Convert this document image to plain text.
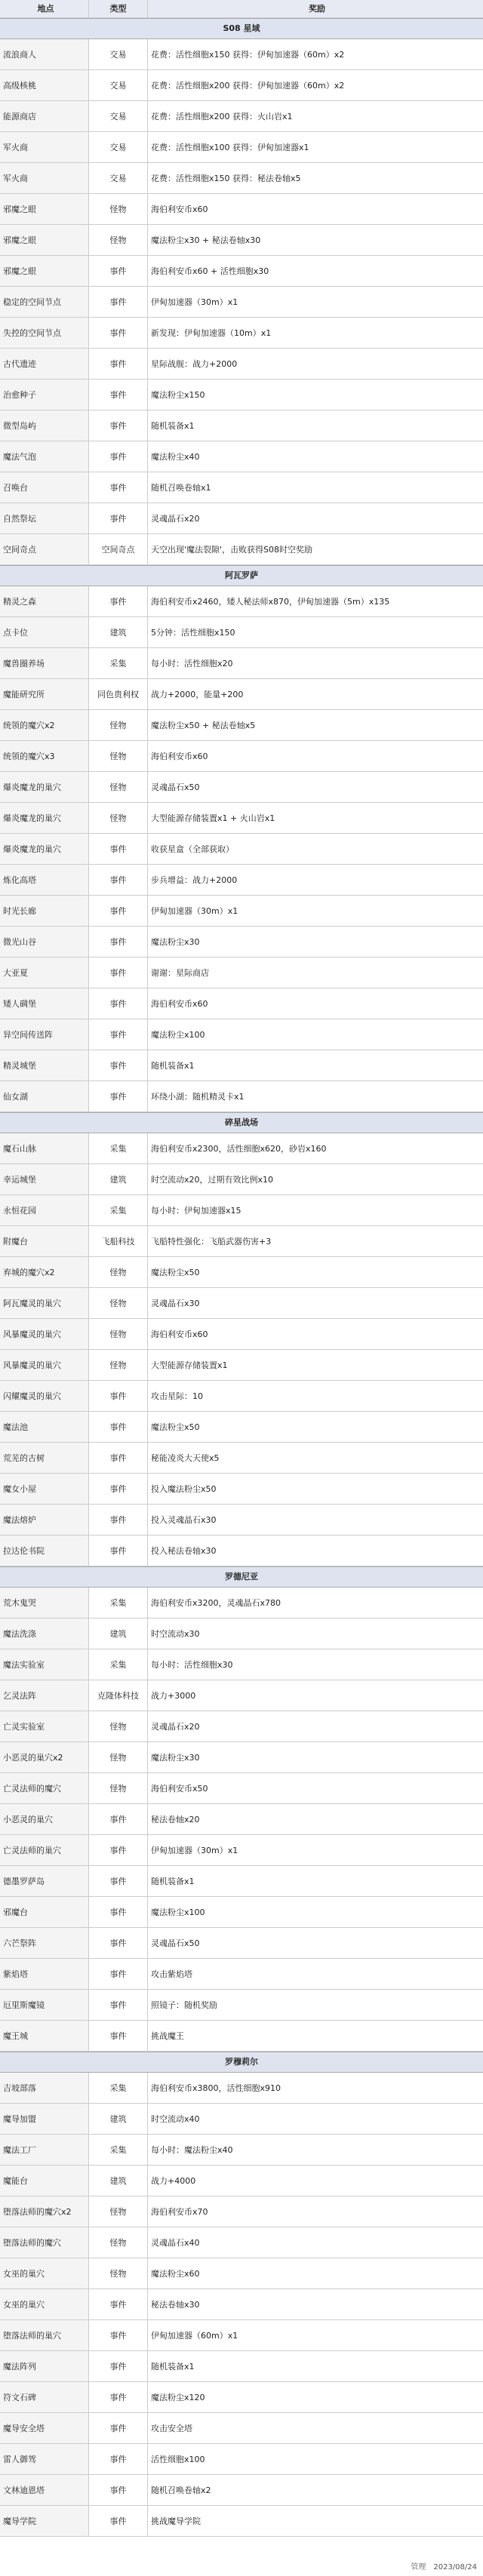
地点	类型	奖励
S08 星域
流浪商人	交易	花费：活性细胞x150 获得：伊甸加速器（60m）x2
高级核桃	交易	花费：活性细胞x200 获得：伊甸加速器（60m）x2
能源商店	交易	花费：活性细胞x200 获得：火山岩x1
军火商	交易	花费：活性细胞x100 获得：伊甸加速器x1
军火商	交易	花费：活性细胞x150 获得：秘法卷轴x5
邪魔之眼	怪物	海伯利安币x60
邪魔之眼	怪物	魔法粉尘x30 + 秘法卷轴x30
邪魔之眼	事件	海伯利安币x60 + 活性细胞x30
稳定的空间节点	事件	伊甸加速器（30m）x1
失控的空间节点	事件	新发现：伊甸加速器（10m）x1
古代遗迹	事件	星际战舰：战力+2000
治愈种子	事件	魔法粉尘x150
微型岛屿	事件	随机装备x1
魔法气泡	事件	魔法粉尘x40
召唤台	事件	随机召唤卷轴x1
自然祭坛	事件	灵魂晶石x20
空间奇点	空间奇点	天空出现'魔法裂隙'，击败获得S08时空奖励
阿瓦罗萨
精灵之森	事件	海伯利安币x2460，矮人秘法师x870，伊甸加速器（5m）x135
点卡位	建筑	5分钟：活性细胞x150
魔兽圈养场	采集	每小时：活性细胞x20
魔能研究所	同色贵利权	战力+2000，能量+200
统领的魔穴x2	怪物	魔法粉尘x50 + 秘法卷轴x5
统领的魔穴x3	怪物	海伯利安币x60
爆炎魔龙的巢穴	怪物	灵魂晶石x50
爆炎魔龙的巢穴	怪物	大型能源存储装置x1 + 火山岩x1
爆炎魔龙的巢穴	事件	收获星盒（全部获取）
炼化高塔	事件	步兵增益：战力+2000
时光长廊	事件	伊甸加速器（30m）x1
微光山谷	事件	魔法粉尘x30
大亚夏	事件	谢谢：星际商店
矮人碉堡	事件	海伯利安币x60
异空间传送阵	事件	魔法粉尘x100
精灵城堡	事件	随机装备x1
仙女湖	事件	环绕小湖：随机精灵卡x1
碎星战场
魔石山脉	采集	海伯利安币x2300，活性细胞x620，砂岩x160
幸运城堡	建筑	时空流动x20，过期有效比例x10
永恒花园	采集	每小时：伊甸加速器x15
附魔台	飞船科技	飞船特性强化：飞船武器伤害+3
弃城的魔穴x2	怪物	魔法粉尘x50
阿瓦魔灵的巢穴	怪物	灵魂晶石x30
风暴魔灵的巢穴	怪物	海伯利安币x60
风暴魔灵的巢穴	怪物	大型能源存储装置x1
闪耀魔灵的巢穴	事件	攻击星际：10
魔法池	事件	魔法粉尘x50
荒芜的古树	事件	秘能凌炎大天使x5
魔女小屋	事件	投入魔法粉尘x50
魔法熔炉	事件	投入灵魂晶石x30
拉达伦书院	事件	投入秘法卷轴x30
罗德尼亚
荒木鬼哭	采集	海伯利安币x3200，灵魂晶石x780
魔法洗涤	建筑	时空流动x30
魔法实验室	采集	每小时：活性细胞x30
乞灵法阵	克隆体科技	战力+3000
亡灵实验室	怪物	灵魂晶石x20
小恶灵的巢穴x2	怪物	魔法粉尘x30
亡灵法师的魔穴	怪物	海伯利安币x50
小恶灵的巢穴	事件	秘法卷轴x20
亡灵法师的巢穴	事件	伊甸加速器（30m）x1
德墨罗萨岛	事件	随机装备x1
邪魔台	事件	魔法粉尘x100
六芒祭阵	事件	灵魂晶石x50
紫焰塔	事件	攻击紫焰塔
厄里斯魔镜	事件	照镜子：随机奖励
魔王城	事件	挑战魔王
罗穆莉尔
吉坡部落	采集	海伯利安币x3800，活性细胞x910
魔导加盟	建筑	时空流动x40
魔法工厂	采集	每小时：魔法粉尘x40
魔能台	建筑	战力+4000
堕落法师的魔穴x2	怪物	海伯利安币x70
堕落法师的魔穴	怪物	灵魂晶石x40
女巫的巢穴	怪物	魔法粉尘x60
女巫的巢穴	事件	秘法卷轴x30
堕落法师的巢穴	事件	伊甸加速器（60m）x1
魔法阵列	事件	随机装备x1
符文石碑	事件	魔法粉尘x120
魔导安全塔	事件	攻击安全塔
雷人御驾	事件	活性细胞x100
文林迪恩塔	事件	随机召唤卷轴x2
魔导学院	事件	挑战魔导学院
管理　2023/08/24
